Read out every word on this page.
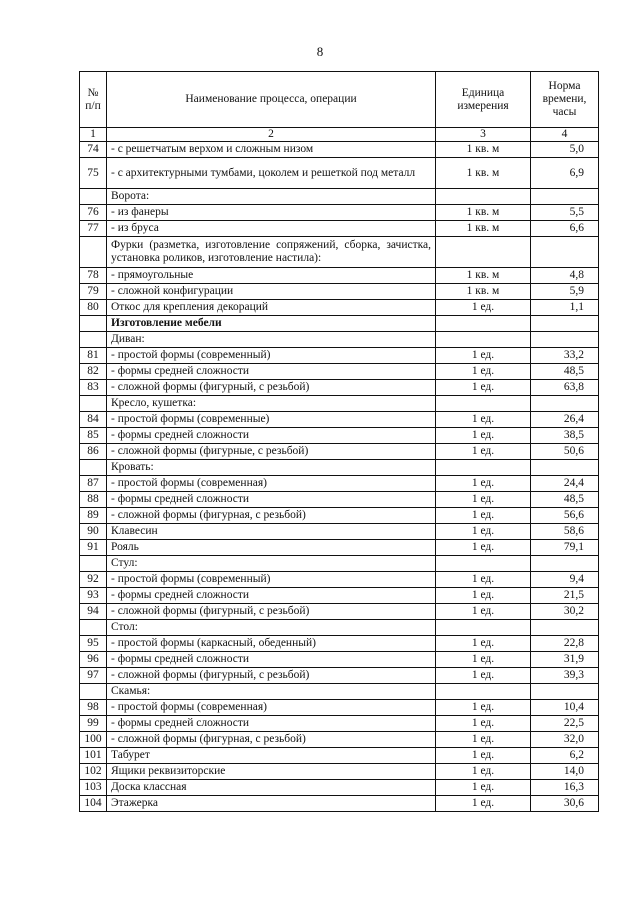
8
№ п/п	Наименование процесса, операции	Единица измерения	Норма времени, часы
1	2	3	4
74	- с решетчатым верхом и сложным низом	1 кв. м	5,0
75	- с архитектурными тумбами, цоколем и решеткой под металл	1 кв. м	6,9
	Ворота:		
76	- из фанеры	1 кв. м	5,5
77	- из бруса	1 кв. м	6,6
	Фурки (разметка, изготовление сопряжений, сборка, зачистка, установка роликов, изготовление настила):		
78	- прямоугольные	1 кв. м	4,8
79	- сложной конфигурации	1 кв. м	5,9
80	Откос для крепления декораций	1 ед.	1,1
	Изготовление мебели		
	Диван:		
81	- простой формы (современный)	1 ед.	33,2
82	- формы средней сложности	1 ед.	48,5
83	- сложной формы (фигурный, с резьбой)	1 ед.	63,8
	Кресло, кушетка:		
84	- простой формы (современные)	1 ед.	26,4
85	- формы средней сложности	1 ед.	38,5
86	- сложной формы (фигурные, с резьбой)	1 ед.	50,6
	Кровать:		
87	- простой формы (современная)	1 ед.	24,4
88	- формы средней сложности	1 ед.	48,5
89	- сложной формы (фигурная, с резьбой)	1 ед.	56,6
90	Клавесин	1 ед.	58,6
91	Рояль	1 ед.	79,1
	Стул:		
92	- простой формы (современный)	1 ед.	9,4
93	- формы средней сложности	1 ед.	21,5
94	- сложной формы (фигурный, с резьбой)	1 ед.	30,2
	Стол:		
95	- простой формы (каркасный, обеденный)	1 ед.	22,8
96	- формы средней сложности	1 ед.	31,9
97	- сложной формы (фигурный, с резьбой)	1 ед.	39,3
	Скамья:		
98	- простой формы (современная)	1 ед.	10,4
99	- формы средней сложности	1 ед.	22,5
100	- сложной формы (фигурная, с резьбой)	1 ед.	32,0
101	Табурет	1 ед.	6,2
102	Ящики реквизиторские	1 ед.	14,0
103	Доска классная	1 ед.	16,3
104	Этажерка	1 ед.	30,6
